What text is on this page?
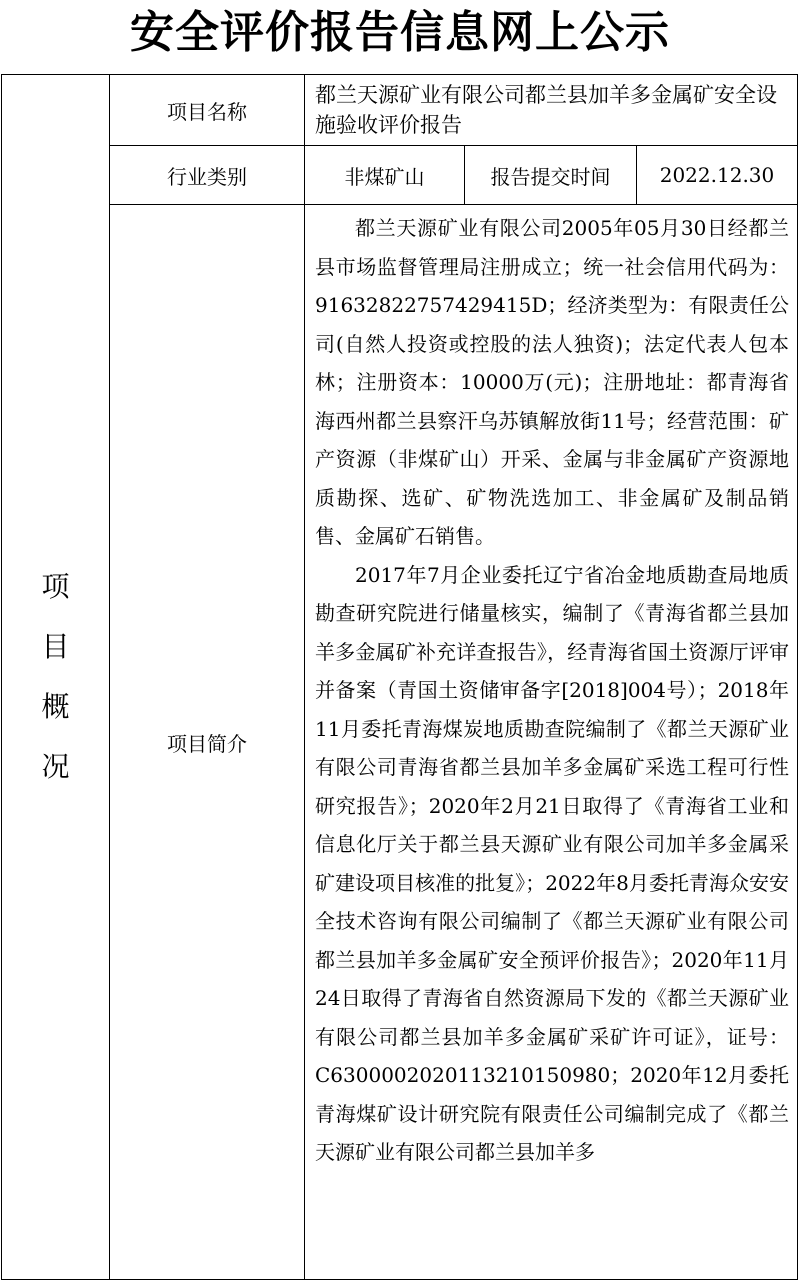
安全评价报告信息网上公示
项
目
概
况	项目名称	都兰天源矿业有限公司都兰县加羊多金属矿安全设施验收评价报告		
	行业类别	非煤矿山	报告提交时间	2022.12.30
	项目简介	都兰天源矿业有限公司2005年05月30日经都兰县市场监督管理局注册成立；统一社会信用代码为：91632822757429415D；经济类型为：有限责任公司(自然人投资或控股的法人独资)；法定代表人包本林；注册资本：10000万(元)；注册地址：都青海省海西州都兰县察汗乌苏镇解放街11号；经营范围：矿产资源（非煤矿山）开采、金属与非金属矿产资源地质勘探、选矿、矿物洗选加工、非金属矿及制品销售、金属矿石销售。

2017年7月企业委托辽宁省冶金地质勘查局地质勘查研究院进行储量核实，编制了《青海省都兰县加羊多金属矿补充详查报告》，经青海省国土资源厅评审并备案（青国土资储审备字[2018]004号）；2018年11月委托青海煤炭地质勘查院编制了《都兰天源矿业有限公司青海省都兰县加羊多金属矿采选工程可行性研究报告》；2020年2月21日取得了《青海省工业和信息化厅关于都兰县天源矿业有限公司加羊多金属采矿建设项目核准的批复》；2022年8月委托青海众安安全技术咨询有限公司编制了《都兰天源矿业有限公司都兰县加羊多金属矿安全预评价报告》；2020年11月24日取得了青海省自然资源局下发的《都兰天源矿业有限公司都兰县加羊多金属矿采矿许可证》，证号：C6300002020113210150980；2020年12月委托青海煤矿设计研究院有限责任公司编制完成了《都兰天源矿业有限公司都兰县加羊多		
